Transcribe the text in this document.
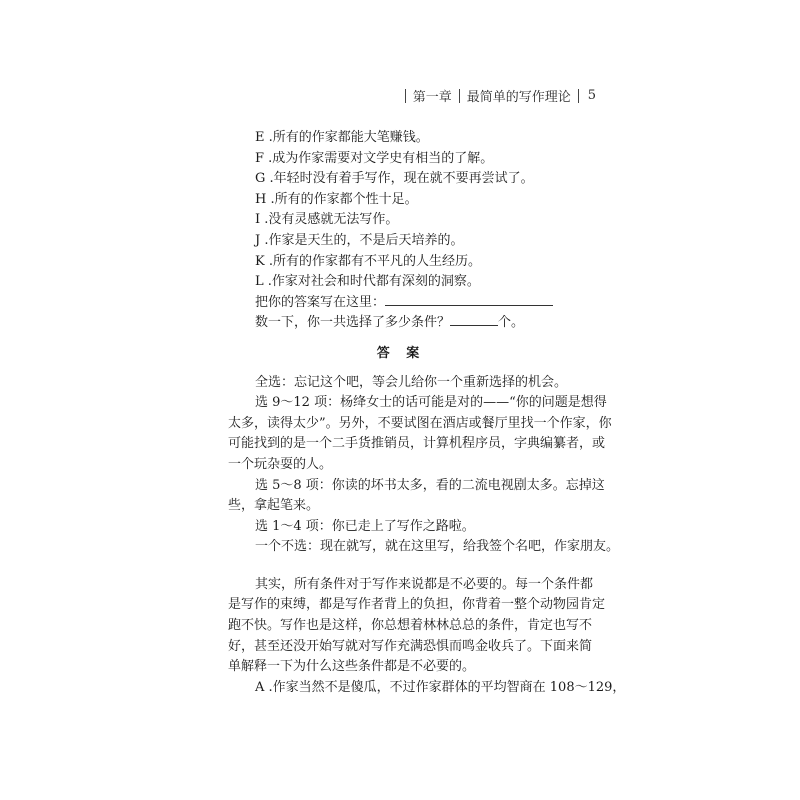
第一章 最简单的写作理论 5
E .所有的作家都能大笔赚钱。
F .成为作家需要对文学史有相当的了解。
G .年轻时没有着手写作，现在就不要再尝试了。
H .所有的作家都个性十足。
I .没有灵感就无法写作。
J .作家是天生的，不是后天培养的。
K .所有的作家都有不平凡的人生经历。
L .作家对社会和时代都有深刻的洞察。
把你的答案写在这里：
数一下，你一共选择了多少条件？	个。
答 案
全选：忘记这个吧，等会儿给你一个重新选择的机会。
选 9～12 项：杨绛女士的话可能是对的——“你的问题是想得
太多，读得太少”。另外，不要试图在酒店或餐厅里找一个作家，你
可能找到的是一个二手货推销员，计算机程序员，字典编纂者，或
一个玩杂耍的人。
选 5～8 项：你读的坏书太多，看的二流电视剧太多。忘掉这
些，拿起笔来。
选 1～4 项：你已走上了写作之路啦。
一个不选：现在就写，就在这里写，给我签个名吧，作家朋友。
其实，所有条件对于写作来说都是不必要的。每一个条件都
是写作的束缚，都是写作者背上的负担，你背着一整个动物园肯定
跑不快。写作也是这样，你总想着林林总总的条件，肯定也写不
好，甚至还没开始写就对写作充满恐惧而鸣金收兵了。下面来简
单解释一下为什么这些条件都是不必要的。
A .作家当然不是傻瓜，不过作家群体的平均智商在 108～129，
